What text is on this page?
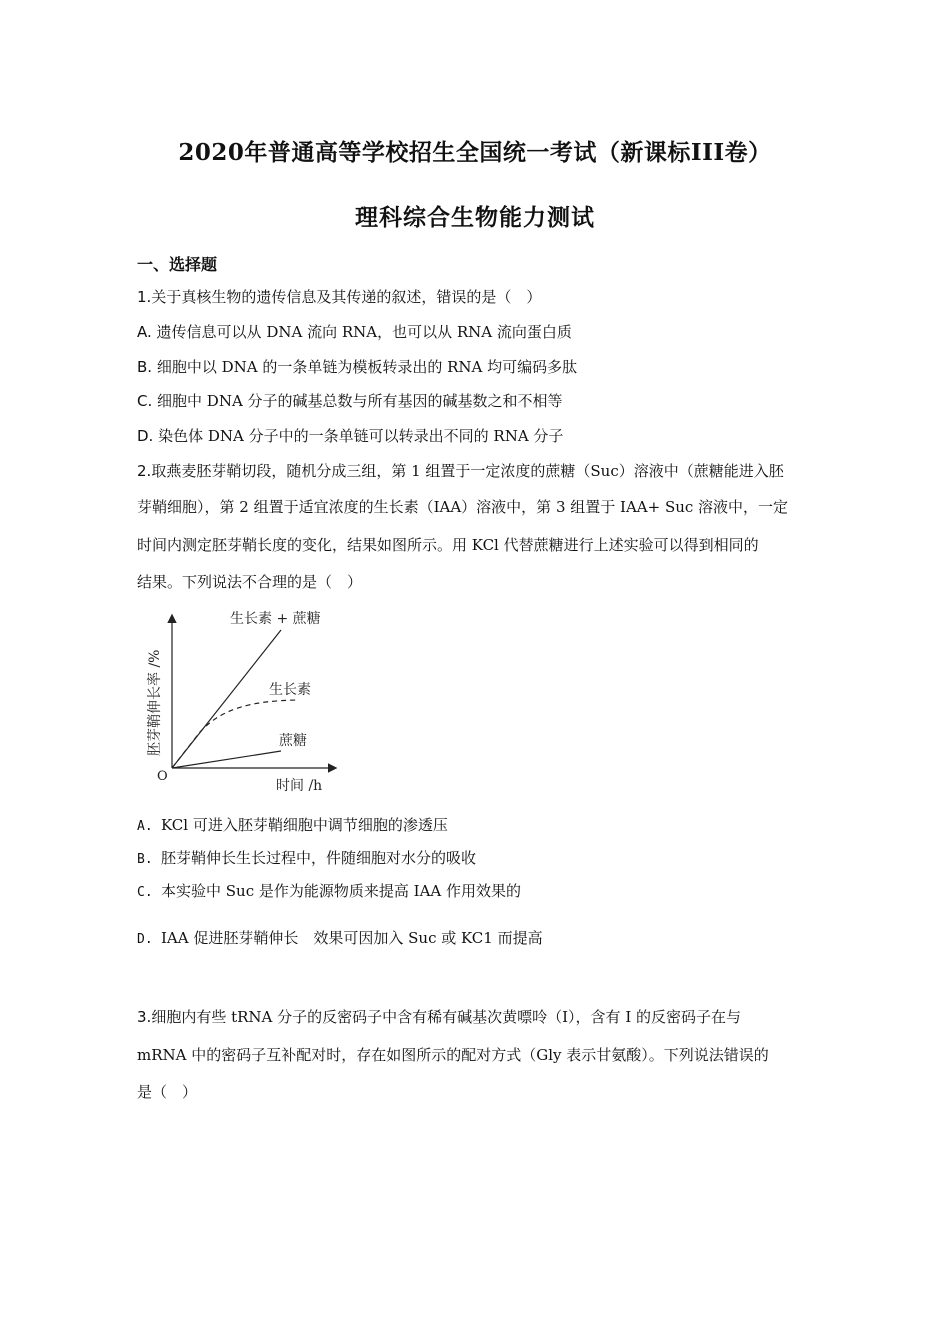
2020年普通高等学校招生全国统一考试（新课标III卷）
理科综合生物能力测试
一、选择题
1.关于真核生物的遗传信息及其传递的叙述，错误的是（　）
A. 遗传信息可以从 DNA 流向 RNA，也可以从 RNA 流向蛋白质
B. 细胞中以 DNA 的一条单链为模板转录出的 RNA 均可编码多肽
C. 细胞中 DNA 分子的碱基总数与所有基因的碱基数之和不相等
D. 染色体 DNA 分子中的一条单链可以转录出不同的 RNA 分子
2.取燕麦胚芽鞘切段，随机分成三组，第 1 组置于一定浓度的蔗糖（Suc）溶液中（蔗糖能进入胚
芽鞘细胞），第 2 组置于适宜浓度的生长素（IAA）溶液中，第 3 组置于 IAA+ Suc 溶液中，一定
时间内测定胚芽鞘长度的变化，结果如图所示。用 KCl 代替蔗糖进行上述实验可以得到相同的
结果。下列说法不合理的是（　）
胚芽鞘伸长率 /%
时间 /h
O
生长素 + 蔗糖
生长素
蔗糖
A. KCl 可进入胚芽鞘细胞中调节细胞的渗透压
B. 胚芽鞘伸长生长过程中，件随细胞对水分的吸收
C. 本实验中 Suc 是作为能源物质来提高 IAA 作用效果的
D. IAA 促进胚芽鞘伸长　效果可因加入 Suc 或 KC1 而提高
3.细胞内有些 tRNA 分子的反密码子中含有稀有碱基次黄嘌呤（I），含有 I 的反密码子在与
mRNA 中的密码子互补配对时，存在如图所示的配对方式（Gly 表示甘氨酸）。下列说法错误的
是（　）
